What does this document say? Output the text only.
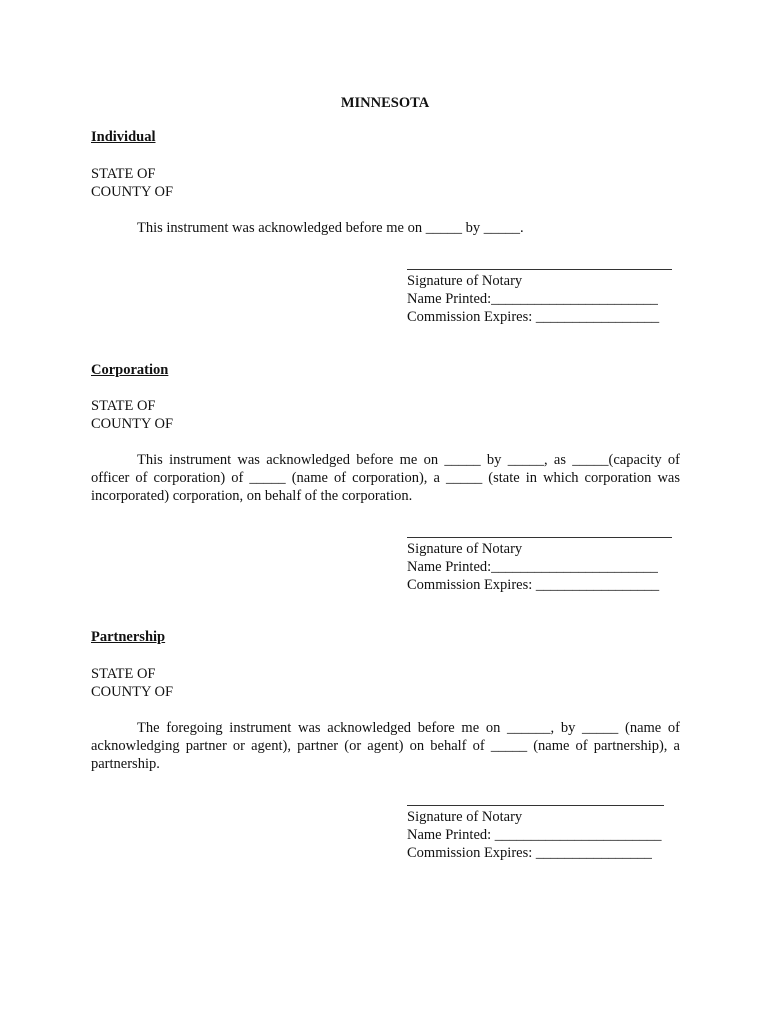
MINNESOTA
Individual
STATE OF
COUNTY OF
This instrument was acknowledged before me on _____ by _____.
Signature of Notary
Name Printed:_______________________
Commission Expires: _________________
Corporation
STATE OF
COUNTY OF
This instrument was acknowledged before me on _____ by _____, as _____(capacity of officer of corporation) of _____ (name of corporation), a _____ (state in which corporation was incorporated) corporation, on behalf of the corporation.
Signature of Notary
Name Printed:_______________________
Commission Expires: _________________
Partnership
STATE OF
COUNTY OF
The foregoing instrument was acknowledged before me on ______, by _____ (name of acknowledging partner or agent), partner (or agent) on behalf of _____ (name of partnership), a partnership.
Signature of Notary
Name Printed: _______________________
Commission Expires: ________________
